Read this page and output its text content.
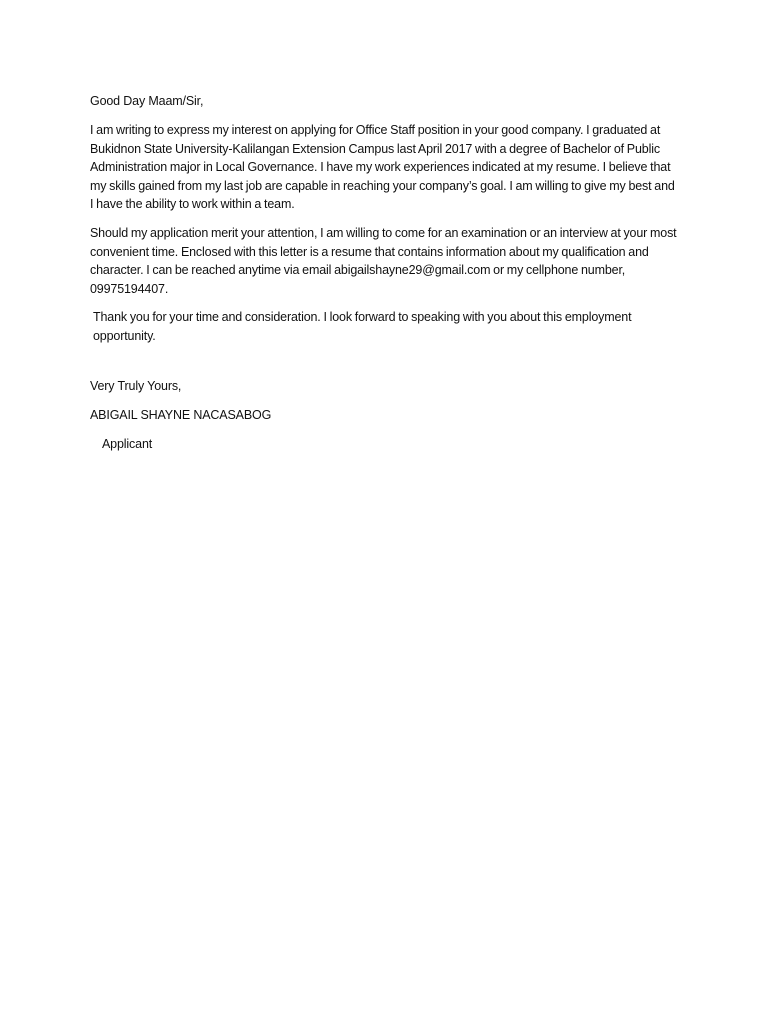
Good Day Maam/Sir,

I am writing to express my interest on applying for Office Staff position in your good company. I graduated at Bukidnon State University-Kalilangan Extension Campus last April 2017 with a degree of Bachelor of Public Administration major in Local Governance. I have my work experiences indicated at my resume. I believe that my skills gained from my last job are capable in reaching your company’s goal. I am willing to give my best and I have the ability to work within a team.

Should my application merit your attention, I am willing to come for an examination or an interview at your most convenient time. Enclosed with this letter is a resume that contains information about my qualification and character. I can be reached anytime via email abigailshayne29@gmail.com or my cellphone number, 09975194407.

Thank you for your time and consideration. I look forward to speaking with you about this employment opportunity.

Very Truly Yours,

ABIGAIL SHAYNE NACASABOG

Applicant
